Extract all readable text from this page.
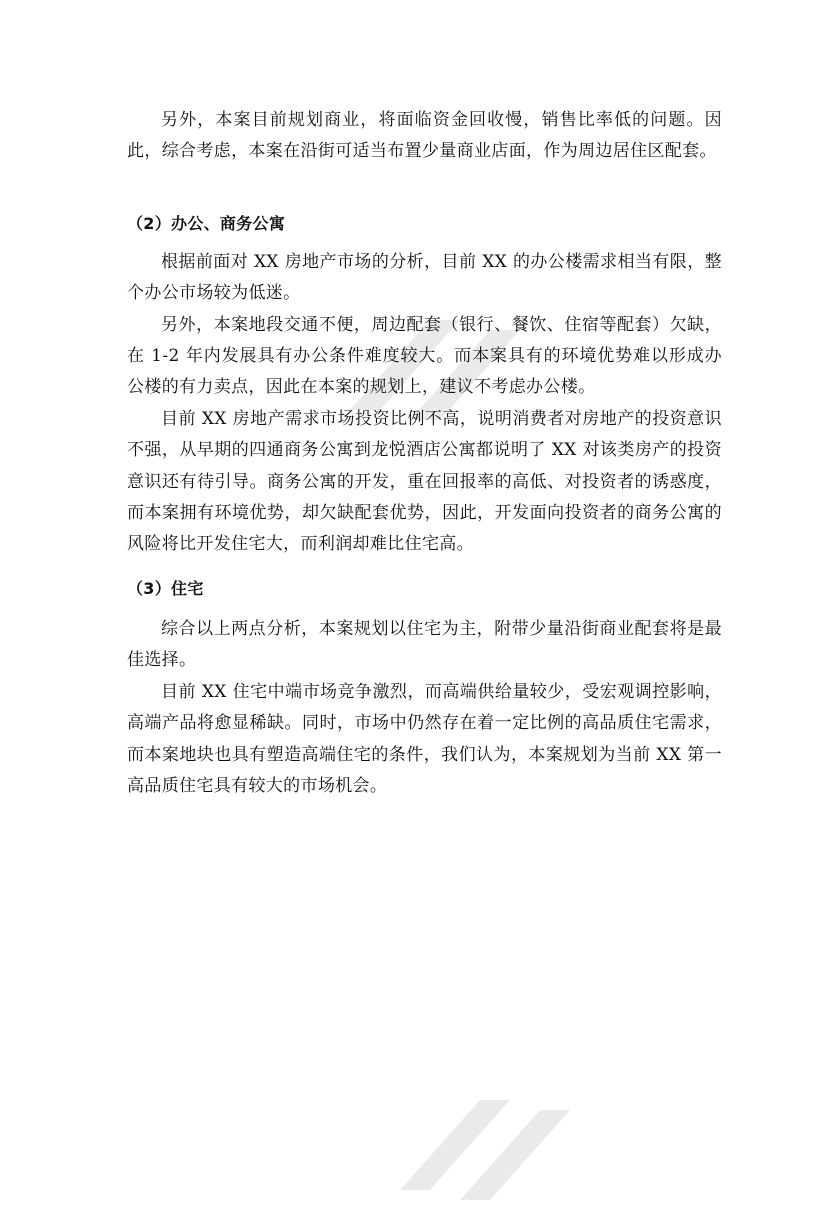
另外，本案目前规划商业，将面临资金回收慢，销售比率低的问题。因此，综合考虑，本案在沿街可适当布置少量商业店面，作为周边居住区配套。

（2）办公、商务公寓

根据前面对 XX 房地产市场的分析，目前 XX 的办公楼需求相当有限，整个办公市场较为低迷。

另外，本案地段交通不便，周边配套（银行、餐饮、住宿等配套）欠缺，在 1-2 年内发展具有办公条件难度较大。而本案具有的环境优势难以形成办公楼的有力卖点，因此在本案的规划上，建议不考虑办公楼。

目前 XX 房地产需求市场投资比例不高，说明消费者对房地产的投资意识不强，从早期的四通商务公寓到龙悦酒店公寓都说明了 XX 对该类房产的投资意识还有待引导。商务公寓的开发，重在回报率的高低、对投资者的诱惑度，而本案拥有环境优势，却欠缺配套优势，因此，开发面向投资者的商务公寓的风险将比开发住宅大，而利润却难比住宅高。

（3）住宅

综合以上两点分析，本案规划以住宅为主，附带少量沿街商业配套将是最佳选择。

目前 XX 住宅中端市场竞争激烈，而高端供给量较少，受宏观调控影响，高端产品将愈显稀缺。同时，市场中仍然存在着一定比例的高品质住宅需求，而本案地块也具有塑造高端住宅的条件，我们认为，本案规划为当前 XX 第一高品质住宅具有较大的市场机会。
